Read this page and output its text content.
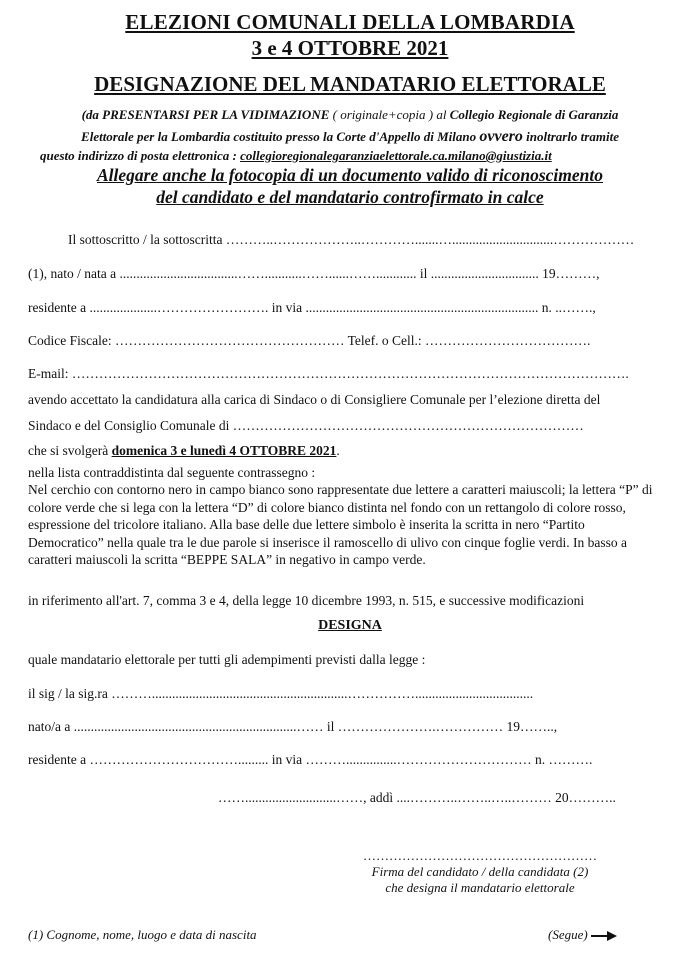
ELEZIONI COMUNALI DELLA LOMBARDIA
3 e 4 OTTOBRE 2021
DESIGNAZIONE DEL MANDATARIO ELETTORALE
(da PRESENTARSI PER LA VIDIMAZIONE ( originale+copia ) al Collegio Regionale di Garanzia
Elettorale per la Lombardia costituito presso la Corte d'Appello di Milano ovvero inoltrarlo tramite
questo indirizzo di posta elettronica : collegioregionalegaranziaelettorale.ca.milano@giustizia.it
Allegare anche la fotocopia di un documento valido di riconoscimento
del candidato e del mandatario controfirmato in calce
Il sottoscritto / la sottoscritta ………..………………..………….......…..............................………………
(1), nato / nata a ...................................……...........……......……............ il ................................ 19………,
residente a ....................……………………. in via ..................................................................... n. ..…….,
Codice Fiscale: …………………………………………… Telef. o Cell.: ……………………………….
E-mail: …………………………………………………………………………………………………………….
avendo accettato la candidatura alla carica di Sindaco o di Consigliere Comunale per l’elezione diretta del
Sindaco e del Consiglio Comunale di ……………………………………………………………………
che si svolgerà domenica 3 e lunedì 4 OTTOBRE 2021.
nella lista contraddistinta dal seguente contrassegno :
Nel cerchio con contorno nero in campo bianco sono rappresentate due lettere a caratteri maiuscoli; la lettera “P” di colore verde che si lega con la lettera “D” di colore bianco distinta nel fondo con un rettangolo di colore rosso, espressione del tricolore italiano. Alla base delle due lettere simbolo è inserita la scritta in nero “Partito Democratico” nella quale tra le due parole si inserisce il ramoscello di ulivo con cinque foglie verdi. In basso a caratteri maiuscoli la scritta “BEPPE SALA” in negativo in campo verde.
in riferimento all'art. 7, comma 3 e 4, della legge 10 dicembre 1993, n. 515, e successive modificazioni
DESIGNA
quale mandatario elettorale per tutti gli adempimenti previsti dalla legge :
il sig / la sig.ra ………..........................................................……………...................................
nato/a a ..................................................................…… il ………………….…………… 19……..,
residente a ……………………………......... in via ………...............………………………… n. ……….
……...........................……, addì ....………..……..…..……… 20………..
………………………………………………
Firma del candidato / della candidata (2)
che designa il mandatario elettorale
(1) Cognome, nome, luogo e data di nascita	(Segue)
